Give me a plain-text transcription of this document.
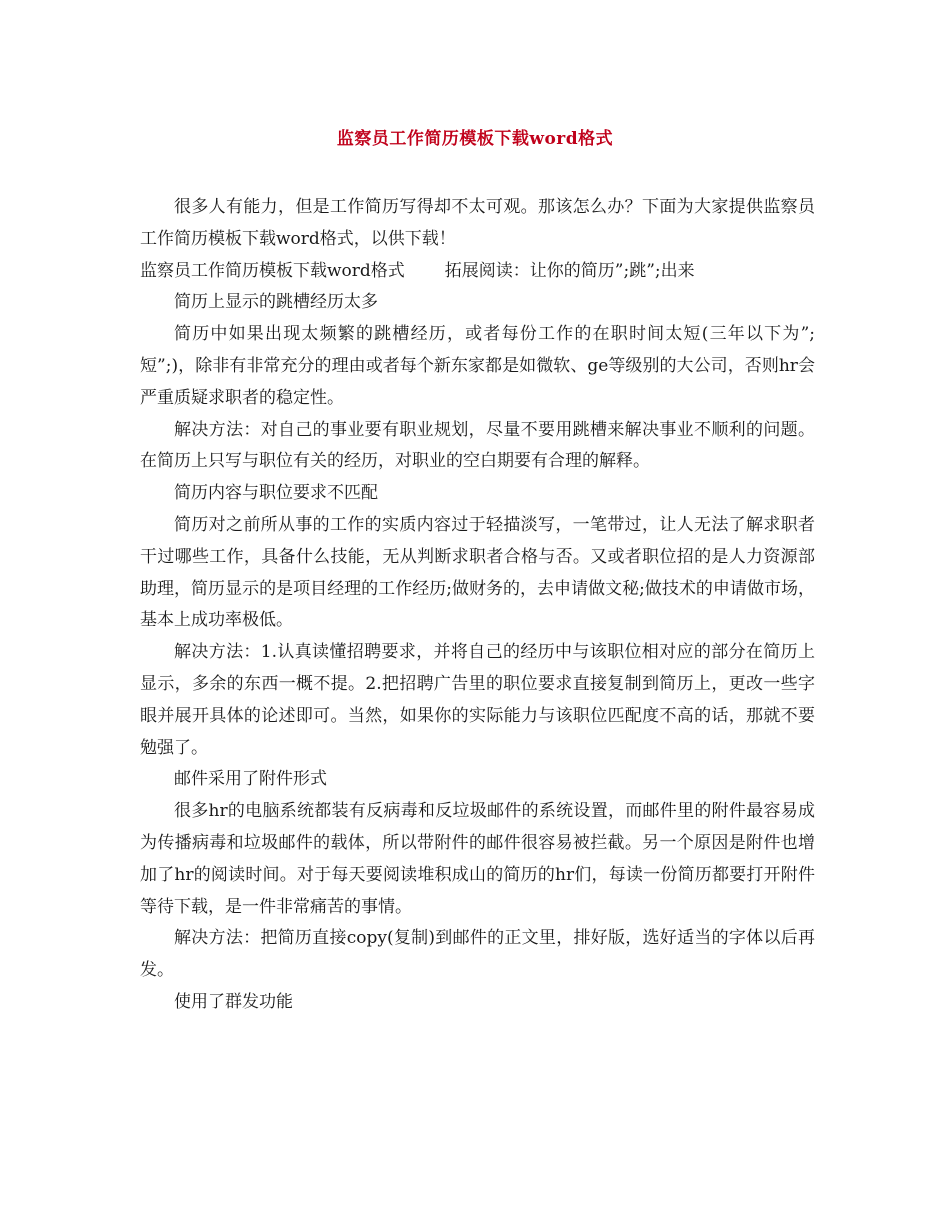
监察员工作简历模板下载word格式

很多人有能力，但是工作简历写得却不太可观。那该怎么办？下面为大家提供监察员工作简历模板下载word格式，以供下载！

监察员工作简历模板下载word格式 拓展阅读：让你的简历”;跳”;出来

简历上显示的跳槽经历太多

简历中如果出现太频繁的跳槽经历，或者每份工作的在职时间太短(三年以下为”;短”;)，除非有非常充分的理由或者每个新东家都是如微软、ge等级别的大公司，否则hr会严重质疑求职者的稳定性。

解决方法：对自己的事业要有职业规划，尽量不要用跳槽来解决事业不顺利的问题。在简历上只写与职位有关的经历，对职业的空白期要有合理的解释。

简历内容与职位要求不匹配

简历对之前所从事的工作的实质内容过于轻描淡写，一笔带过，让人无法了解求职者干过哪些工作，具备什么技能，无从判断求职者合格与否。又或者职位招的是人力资源部助理，简历显示的是项目经理的工作经历;做财务的，去申请做文秘;做技术的申请做市场，基本上成功率极低。

解决方法：1.认真读懂招聘要求，并将自己的经历中与该职位相对应的部分在简历上显示，多余的东西一概不提。2.把招聘广告里的职位要求直接复制到简历上，更改一些字眼并展开具体的论述即可。当然，如果你的实际能力与该职位匹配度不高的话，那就不要勉强了。

邮件采用了附件形式

很多hr的电脑系统都装有反病毒和反垃圾邮件的系统设置，而邮件里的附件最容易成为传播病毒和垃圾邮件的载体，所以带附件的邮件很容易被拦截。另一个原因是附件也增加了hr的阅读时间。对于每天要阅读堆积成山的简历的hr们，每读一份简历都要打开附件等待下载，是一件非常痛苦的事情。

解决方法：把简历直接copy(复制)到邮件的正文里，排好版，选好适当的字体以后再发。

使用了群发功能
